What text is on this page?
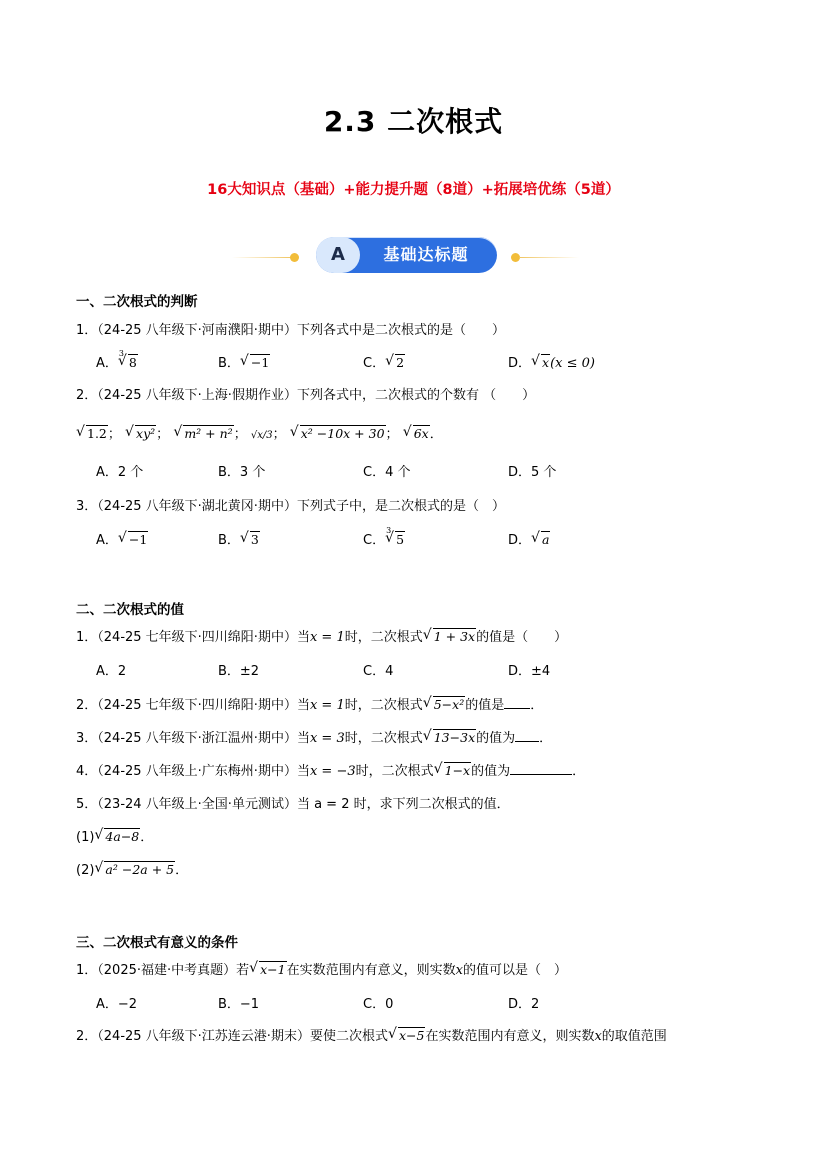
2.3 二次根式
16大知识点（基础）+能力提升题（8道）+拓展培优练（5道）
A	基础达标题
一、二次根式的判断
1．（24-25 八年级下·河南濮阳·期中）下列各式中是二次根式的是（　　）
A．
√ 3
8	B． √ −1	C． √ 2	D． √ x(x ≤ 0)
2．（24-25 八年级下·上海·假期作业）下列各式中，二次根式的个数有 （　　）
√ 1.2； √ xy²； √ m² + n²； √x/3； √ x² −10x + 30； √ 6x．
A．2 个	B．3 个	C．4 个	D．5 个
3．（24-25 八年级下·湖北黄冈·期中）下列式子中，是二次根式的是（　）
A． √ −1	B． √ 3	C．
√ 3
5	D． √ a
二、二次根式的值
1．（24-25 七年级下·四川绵阳·期中）当x = 1时，二次根式 √ 1 + 3x的值是（　　）
A．2	B．±2	C．4	D．±4
2．（24-25 七年级下·四川绵阳·期中）当x = 1时，二次根式 √ 5−x²的值是 ．
3．（24-25 八年级下·浙江温州·期中）当x = 3时，二次根式 √ 13−3x的值为 ．
4．（24-25 八年级上·广东梅州·期中）当x = −3时，二次根式 √ 1−x的值为	．
5．（23-24 八年级上·全国·单元测试）当 a = 2 时，求下列二次根式的值．
(1) √ 4a−8．
(2) √ a² −2a + 5．
三、二次根式有意义的条件
1．（2025·福建·中考真题）若 √ x−1在实数范围内有意义，则实数x的值可以是（　）
A．−2	B．−1	C．0	D．2
2．（24-25 八年级下·江苏连云港·期末）要使二次根式 √ x−5在实数范围内有意义，则实数x的取值范围
